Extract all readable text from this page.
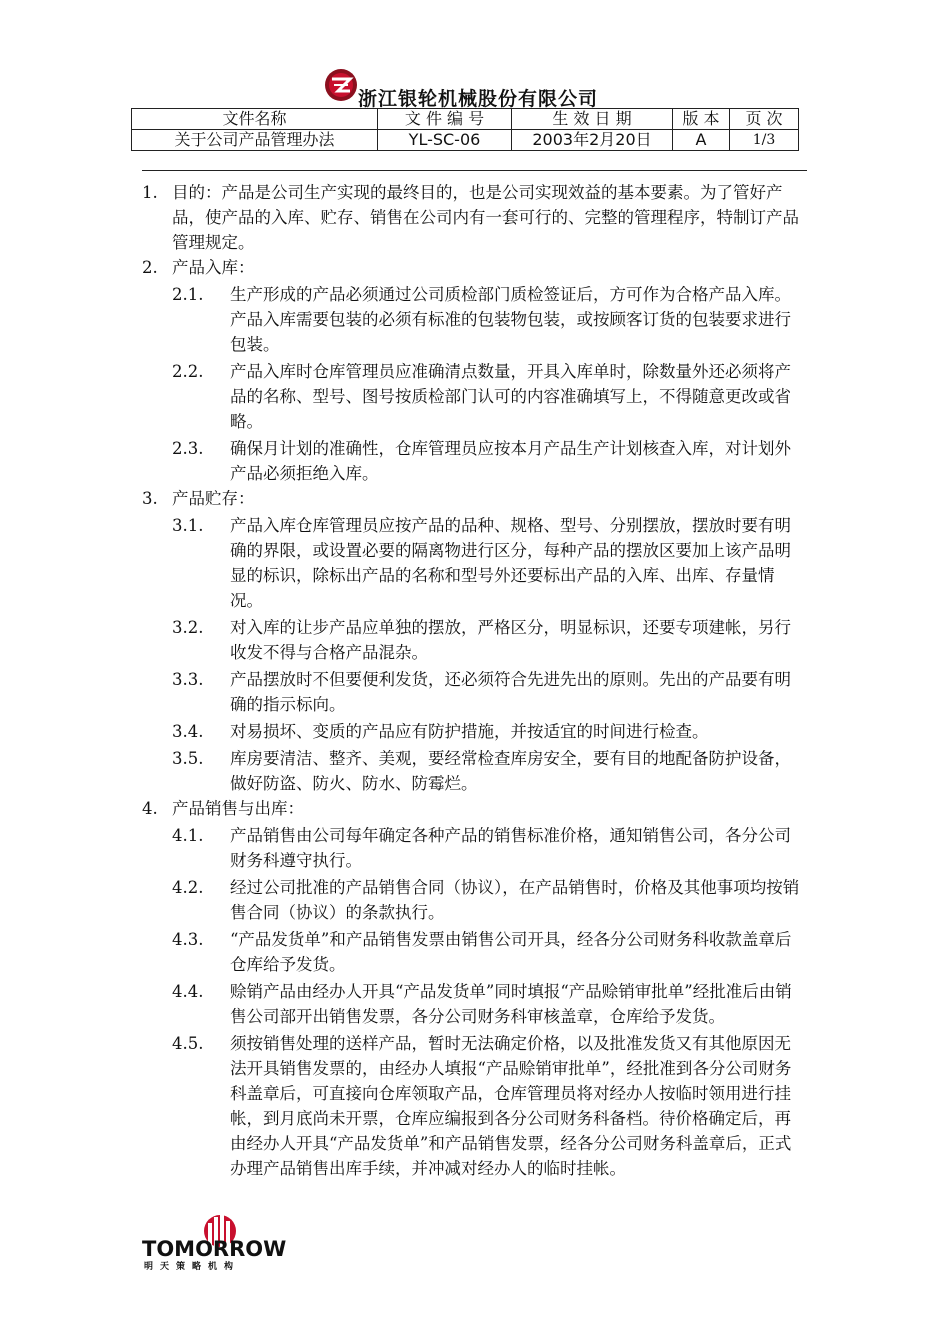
浙江银轮机械股份有限公司
文件名称	文 件 编 号	生 效 日 期	版 本	页 次
关于公司产品管理办法	YL-SC-06	2003年2月20日	A	1/3

1. 目的：产品是公司生产实现的最终目的，也是公司实现效益的基本要素。为了管好产品，使产品的入库、贮存、销售在公司内有一套可行的、完整的管理程序，特制订产品管理规定。

2. 产品入库：

2.1. 生产形成的产品必须通过公司质检部门质检签证后，方可作为合格产品入库。产品入库需要包装的必须有标准的包装物包装，或按顾客订货的包装要求进行包装。

2.2. 产品入库时仓库管理员应准确清点数量，开具入库单时，除数量外还必须将产品的名称、型号、图号按质检部门认可的内容准确填写上，不得随意更改或省略。

2.3. 确保月计划的准确性，仓库管理员应按本月产品生产计划核查入库，对计划外产品必须拒绝入库。

3. 产品贮存：

3.1. 产品入库仓库管理员应按产品的品种、规格、型号、分别摆放，摆放时要有明确的界限，或设置必要的隔离物进行区分，每种产品的摆放区要加上该产品明显的标识，除标出产品的名称和型号外还要标出产品的入库、出库、存量情况。

3.2. 对入库的让步产品应单独的摆放，严格区分，明显标识，还要专项建帐，另行收发不得与合格产品混杂。

3.3. 产品摆放时不但要便利发货，还必须符合先进先出的原则。先出的产品要有明确的指示标向。

3.4. 对易损坏、变质的产品应有防护措施，并按适宜的时间进行检查。

3.5. 库房要清洁、整齐、美观，要经常检查库房安全，要有目的地配备防护设备，做好防盗、防火、防水、防霉烂。

4. 产品销售与出库：

4.1. 产品销售由公司每年确定各种产品的销售标准价格，通知销售公司，各分公司财务科遵守执行。

4.2. 经过公司批准的产品销售合同（协议），在产品销售时，价格及其他事项均按销售合同（协议）的条款执行。

4.3. “产品发货单”和产品销售发票由销售公司开具，经各分公司财务科收款盖章后仓库给予发货。

4.4. 赊销产品由经办人开具“产品发货单”同时填报“产品赊销审批单”经批准后由销售公司部开出销售发票，各分公司财务科审核盖章，仓库给予发货。

4.5. 须按销售处理的送样产品，暂时无法确定价格，以及批准发货又有其他原因无法开具销售发票的，由经办人填报“产品赊销审批单”，经批准到各分公司财务科盖章后，可直接向仓库领取产品，仓库管理员将对经办人按临时领用进行挂帐，到月底尚未开票，仓库应编报到各分公司财务科备档。待价格确定后，再由经办人开具“产品发货单”和产品销售发票，经各分公司财务科盖章后，正式办理产品销售出库手续，并冲减对经办人的临时挂帐。

TOMORROW
明天策略机构
